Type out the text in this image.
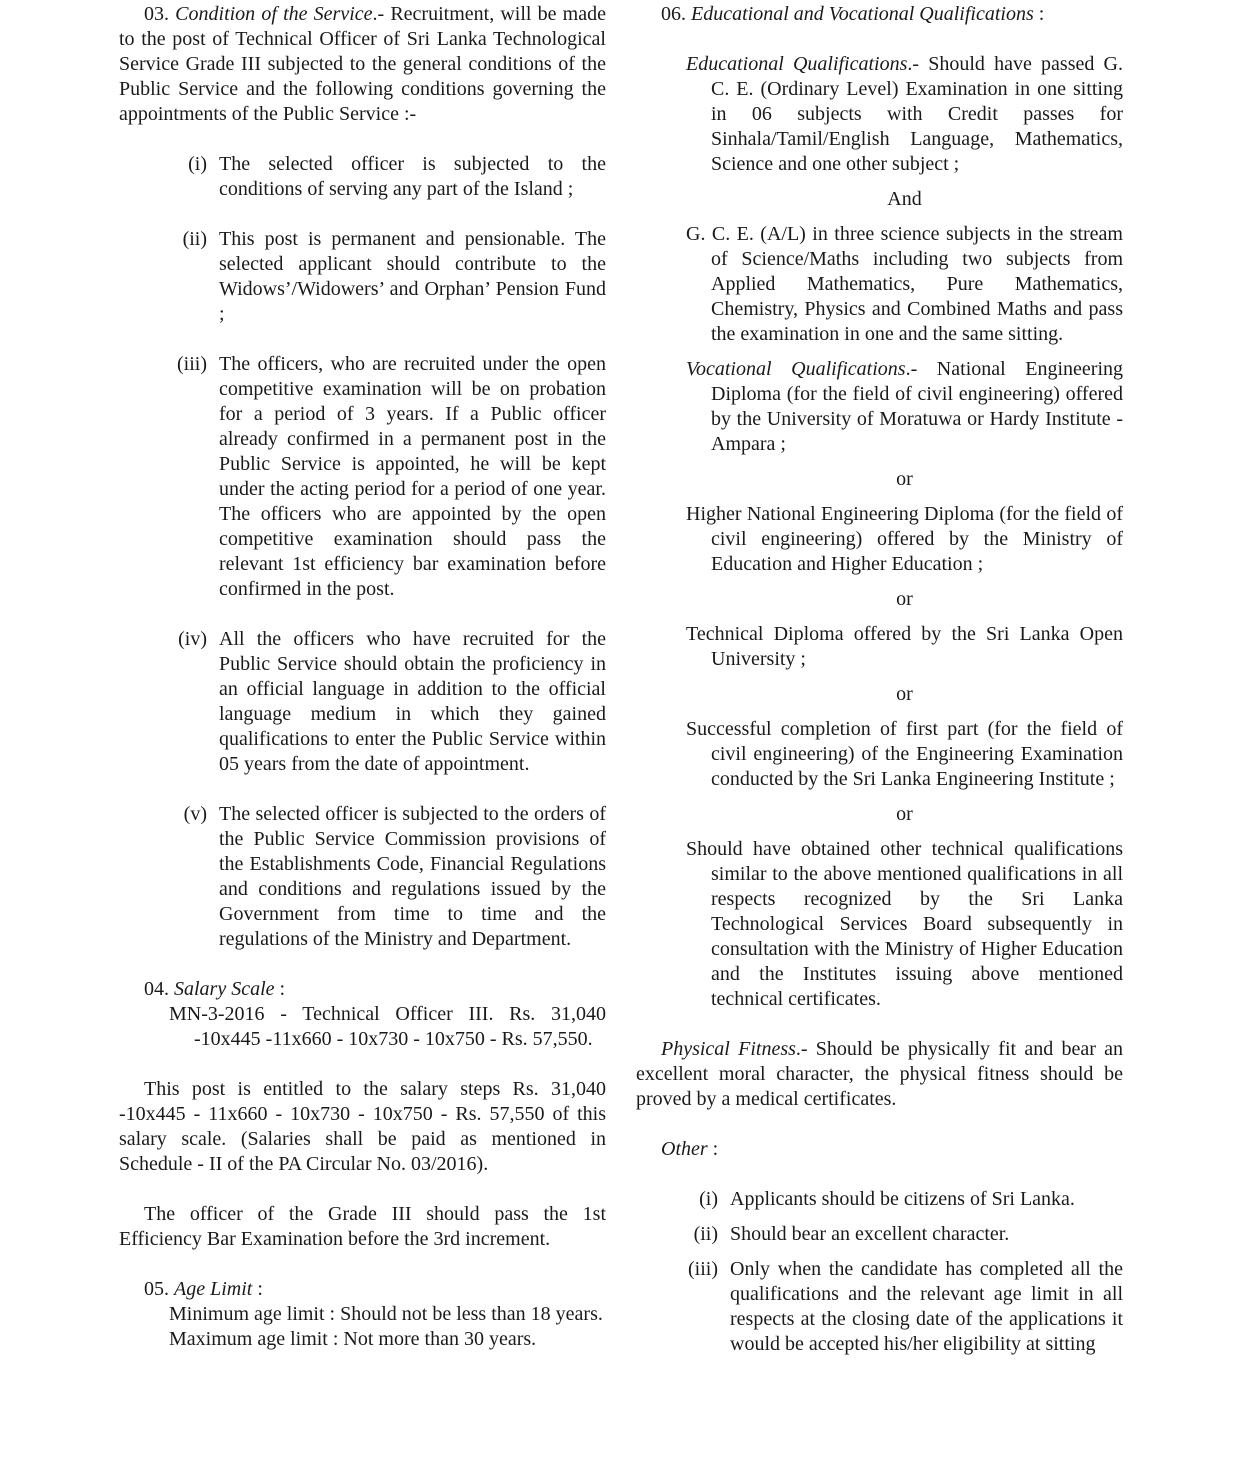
03. Condition of the Service.- Recruitment, will be made to the post of Technical Officer of Sri Lanka Technological Service Grade III subjected to the general conditions of the Public Service and the following conditions governing the appointments of the Public Service :-

(i) The selected officer is subjected to the conditions of serving any part of the Island ;
(ii) This post is permanent and pensionable. The selected applicant should contribute to the Widows’/Widowers’ and Orphan’ Pension Fund ;
(iii) The officers, who are recruited under the open competitive examination will be on probation for a period of 3 years. If a Public officer already confirmed in a permanent post in the Public Service is appointed, he will be kept under the acting period for a period of one year. The officers who are appointed by the open competitive examination should pass the relevant 1st efficiency bar examination before confirmed in the post.
(iv) All the officers who have recruited for the Public Service should obtain the proficiency in an official language in addition to the official language medium in which they gained qualifications to enter the Public Service within 05 years from the date of appointment.
(v) The selected officer is subjected to the orders of the Public Service Commission provisions of the Establishments Code, Financial Regulations and conditions and regulations issued by the Government from time to time and the regulations of the Ministry and Department.

04. Salary Scale :

MN-3-2016 - Technical Officer III. Rs. 31,040 -10x445 -11x660 - 10x730 - 10x750 - Rs. 57,550.

This post is entitled to the salary steps Rs. 31,040 -10x445 - 11x660 - 10x730 - 10x750 - Rs. 57,550 of this salary scale. (Salaries shall be paid as mentioned in Schedule - II of the PA Circular No. 03/2016).

The officer of the Grade III should pass the 1st Efficiency Bar Examination before the 3rd increment.

05. Age Limit :

Minimum age limit : Should not be less than 18 years.

Maximum age limit : Not more than 30 years.

06. Educational and Vocational Qualifications :

Educational Qualifications.- Should have passed G. C. E. (Ordinary Level) Examination in one sitting in 06 subjects with Credit passes for Sinhala/Tamil/English Language, Mathematics, Science and one other subject ;

And

G. C. E. (A/L) in three science subjects in the stream of Science/Maths including two subjects from Applied Mathematics, Pure Mathematics, Chemistry, Physics and Combined Maths and pass the examination in one and the same sitting.

Vocational Qualifications.- National Engineering Diploma (for the field of civil engineering) offered by the University of Moratuwa or Hardy Institute - Ampara ;

or

Higher National Engineering Diploma (for the field of civil engineering) offered by the Ministry of Education and Higher Education ;

or

Technical Diploma offered by the Sri Lanka Open University ;

or

Successful completion of first part (for the field of civil engineering) of the Engineering Examination conducted by the Sri Lanka Engineering Institute ;

or

Should have obtained other technical qualifications similar to the above mentioned qualifications in all respects recognized by the Sri Lanka Technological Services Board subsequently in consultation with the Ministry of Higher Education and the Institutes issuing above mentioned technical certificates.

Physical Fitness.- Should be physically fit and bear an excellent moral character, the physical fitness should be proved by a medical certificates.

Other :

(i) Applicants should be citizens of Sri Lanka.
(ii) Should bear an excellent character.
(iii) Only when the candidate has completed all the qualifications and the relevant age limit in all respects at the closing date of the applications it would be accepted his/her eligibility at sitting
